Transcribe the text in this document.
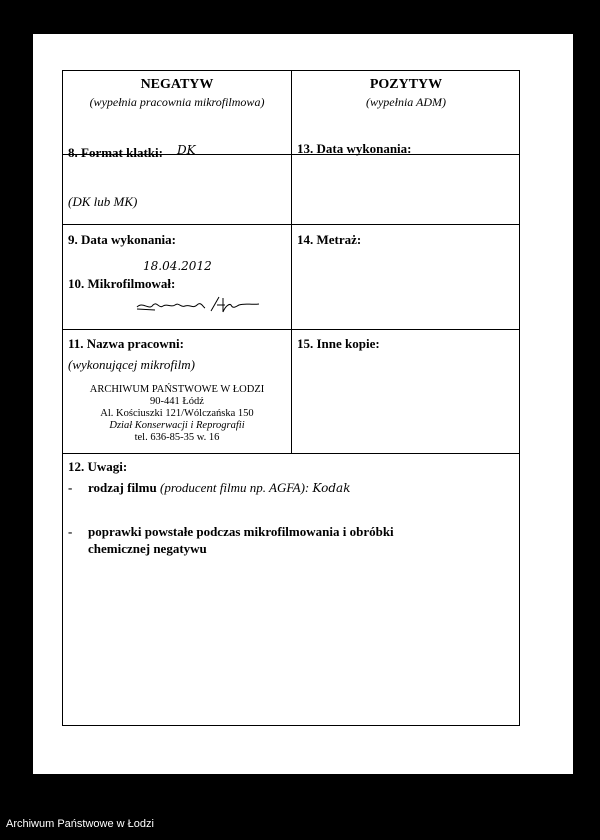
NEGATYW
(wypełnia pracownia mikrofilmowa)
POZYTYW
(wypełnia ADM)
8. Format klatki: DK
(DK lub MK)
13. Data wykonania:
9. Data wykonania:
18.04.2012
10. Mikrofilmował:
14. Metraż:
11. Nazwa pracowni:
(wykonującej mikrofilm)
ARCHIWUM PAŃSTWOWE W ŁODZI
90-441 Łódź
Al. Kościuszki 121/Wólczańska 150
Dział Konserwacji i Reprografii
tel. 636-85-35 w. 16
15. Inne kopie:
12. Uwagi:
- rodzaj filmu (producent filmu np. AGFA): Kodak
- poprawki powstałe podczas mikrofilmowania i obróbki
chemicznej negatywu
Archiwum Państwowe w Łodzi
